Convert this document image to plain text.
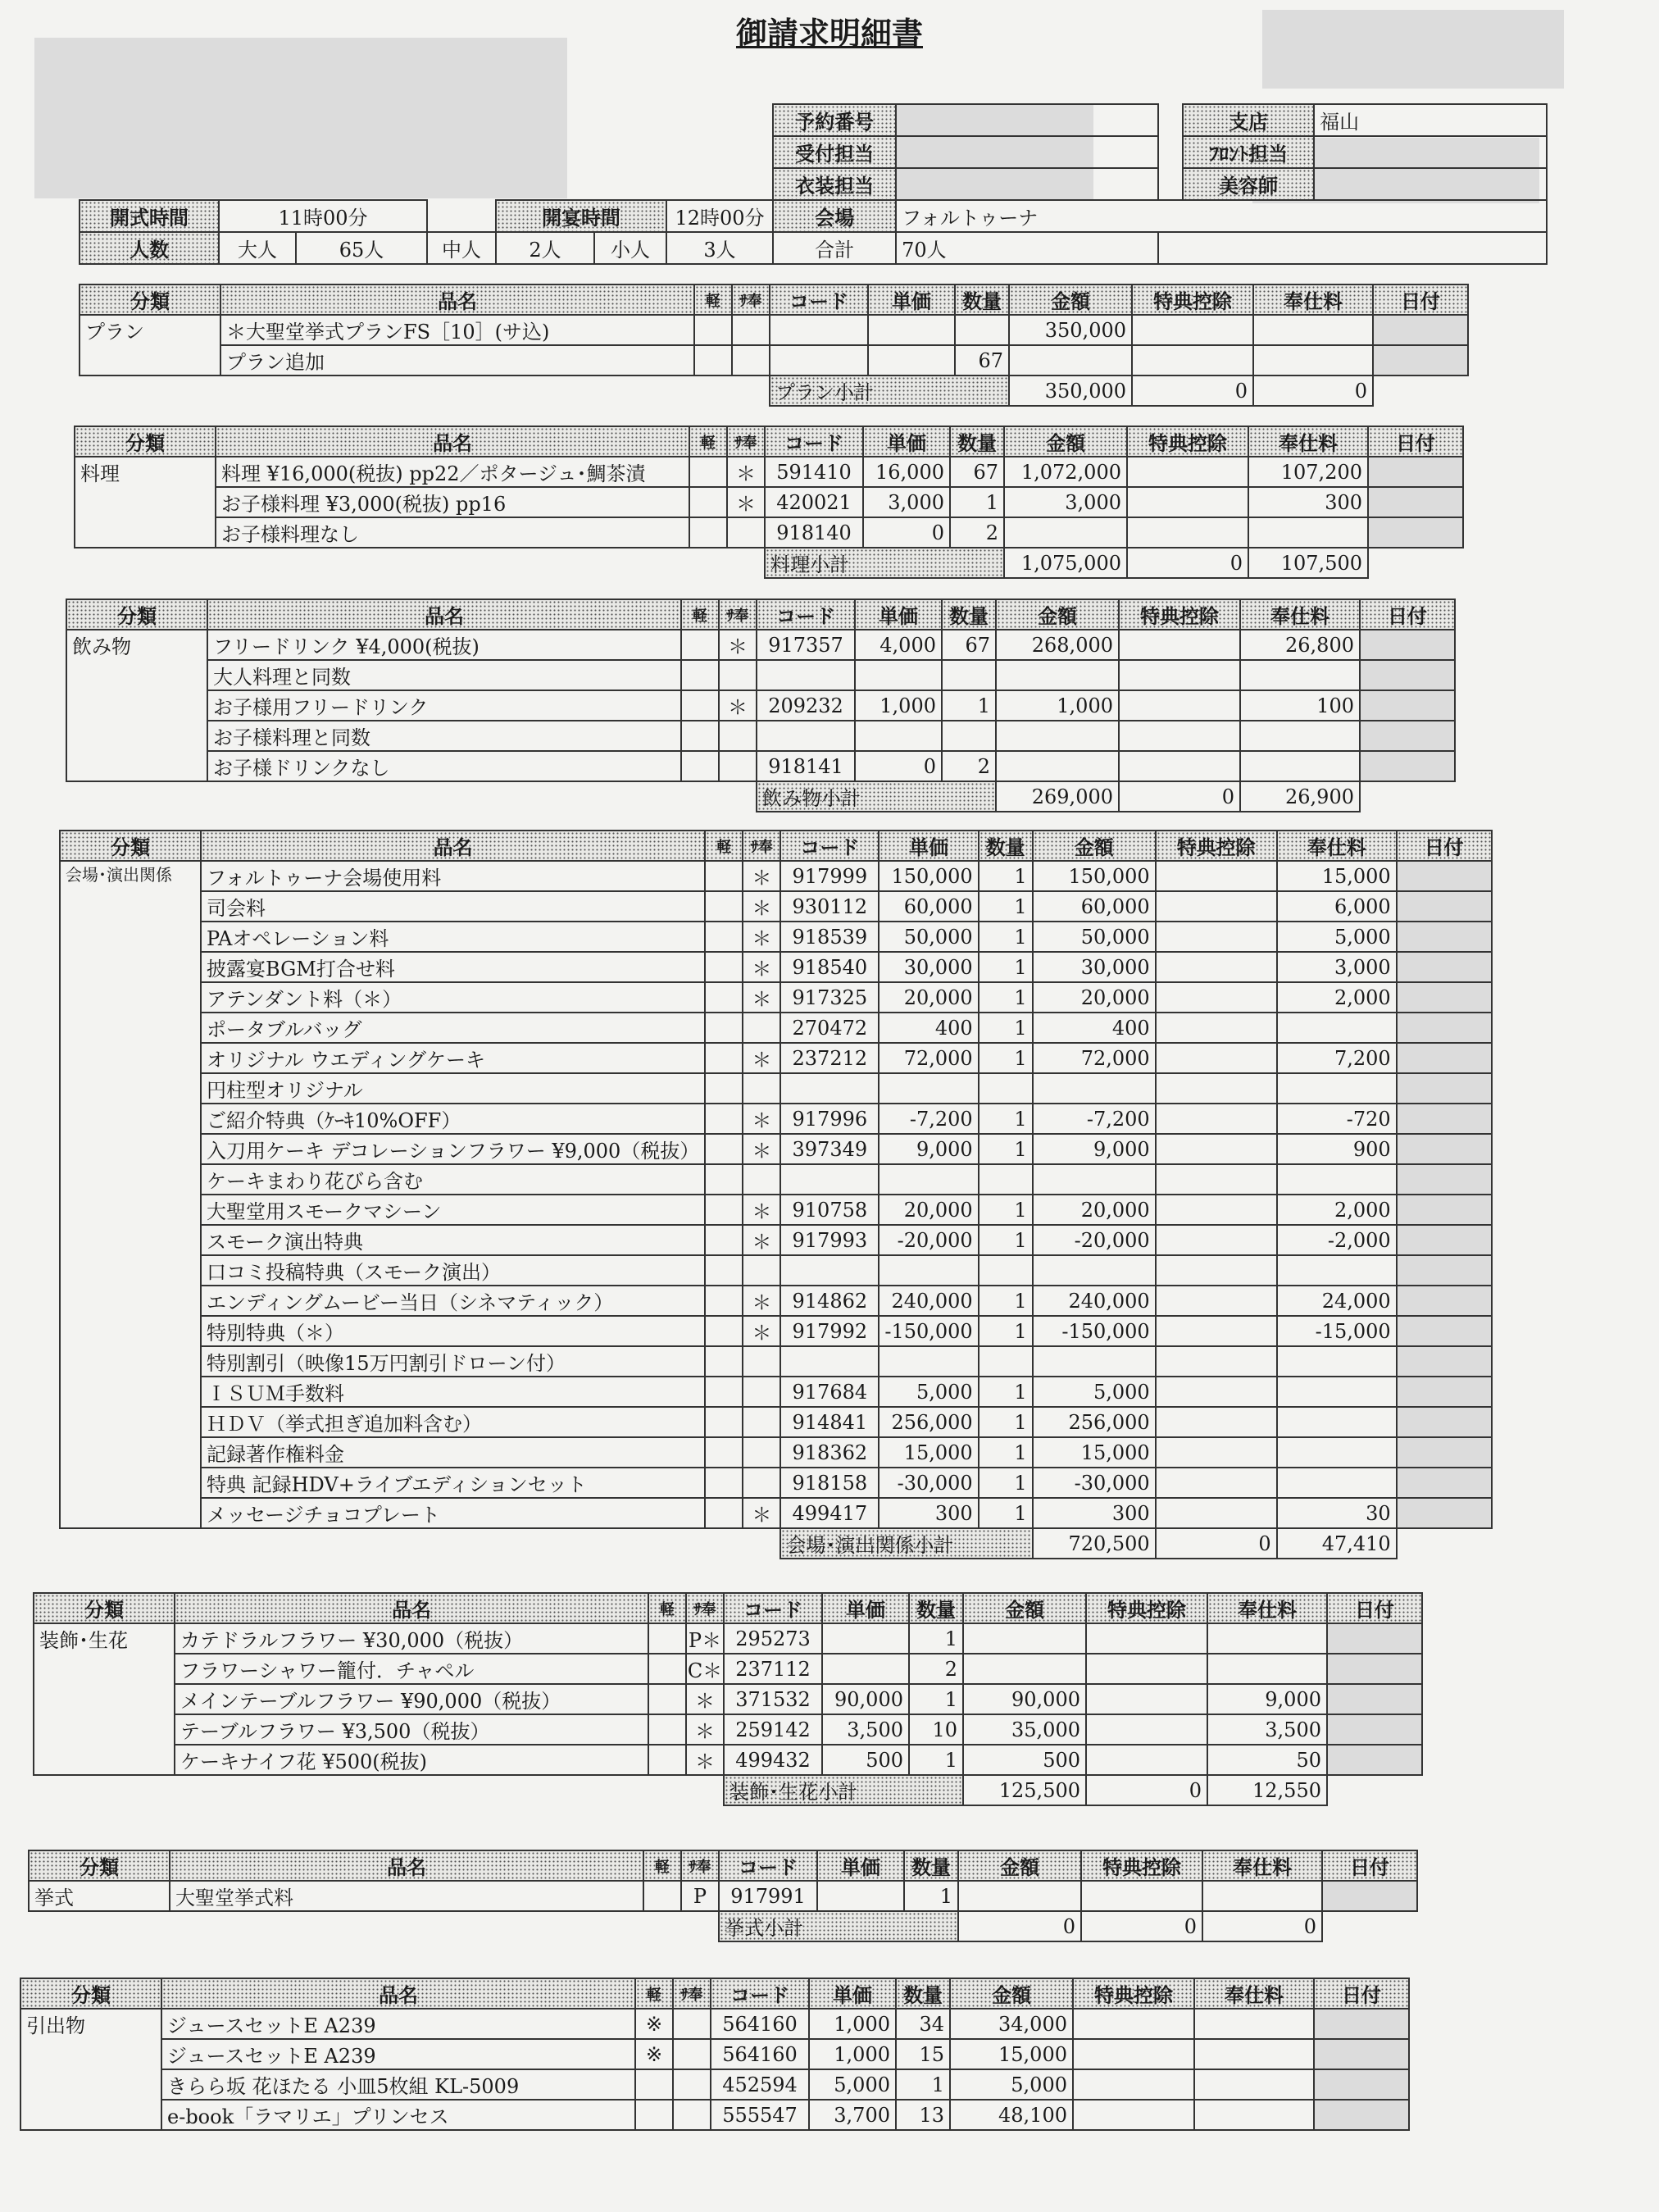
御請求明細書
							予約番号			支店	福山
							受付担当			ﾌﾛﾝﾄ担当	
							衣装担当			美容師	
開式時間	11時00分			開宴時間		12時00分	会場	フォルトゥーナ			
人数	大人	65人	中人	2人	小人	3人	合計	70人			
分類	品名	軽	ｻ奉	コード	単価	数量	金額	特典控除	奉仕料	日付
プラン	＊大聖堂挙式プランFS［10］(サ込)						350,000			
	プラン追加					67				
				プラン小計			350,000	0	0	
分類	品名	軽	ｻ奉	コード	単価	数量	金額	特典控除	奉仕料	日付
料理	料理 ¥16,000(税抜) pp22／ポタージュ･鯛茶漬		＊	591410	16,000	67	1,072,000		107,200	
	お子様料理 ¥3,000(税抜) pp16		＊	420021	3,000	1	3,000		300	
	お子様料理なし			918140	0	2				
				料理小計			1,075,000	0	107,500	
分類	品名	軽	ｻ奉	コード	単価	数量	金額	特典控除	奉仕料	日付
飲み物	フリードリンク ¥4,000(税抜)		＊	917357	4,000	67	268,000		26,800	
	大人料理と同数									
	お子様用フリードリンク		＊	209232	1,000	1	1,000		100	
	お子様料理と同数									
	お子様ドリンクなし			918141	0	2				
				飲み物小計			269,000	0	26,900	
分類	品名	軽	ｻ奉	コード	単価	数量	金額	特典控除	奉仕料	日付
会場･演出関係	フォルトゥーナ会場使用料		＊	917999	150,000	1	150,000		15,000	
	司会料		＊	930112	60,000	1	60,000		6,000	
	PAオペレーション料		＊	918539	50,000	1	50,000		5,000	
	披露宴BGM打合せ料		＊	918540	30,000	1	30,000		3,000	
	アテンダント料（＊）		＊	917325	20,000	1	20,000		2,000	
	ポータブルバッグ			270472	400	1	400			
	オリジナル ウエディングケーキ		＊	237212	72,000	1	72,000		7,200	
	円柱型オリジナル									
	ご紹介特典（ｹｰｷ10%OFF）		＊	917996	-7,200	1	-7,200		-720	
	入刀用ケーキ デコレーションフラワー ¥9,000（税抜）		＊	397349	9,000	1	9,000		900	
	ケーキまわり花びら含む									
	大聖堂用スモークマシーン		＊	910758	20,000	1	20,000		2,000	
	スモーク演出特典		＊	917993	-20,000	1	-20,000		-2,000	
	口コミ投稿特典（スモーク演出）									
	エンディングムービー当日（シネマティック）		＊	914862	240,000	1	240,000		24,000	
	特別特典（＊）		＊	917992	-150,000	1	-150,000		-15,000	
	特別割引（映像15万円割引ドローン付）									
	ＩＳＵＭ手数料			917684	5,000	1	5,000			
	ＨＤＶ（挙式担ぎ追加料含む）			914841	256,000	1	256,000			
	記録著作権料金			918362	15,000	1	15,000			
	特典 記録HDV+ライブエディションセット			918158	-30,000	1	-30,000			
	メッセージチョコプレート		＊	499417	300	1	300		30	
				会場･演出関係小計			720,500	0	47,410	
分類	品名	軽	ｻ奉	コード	単価	数量	金額	特典控除	奉仕料	日付
装飾･生花	カテドラルフラワー ¥30,000（税抜）		P＊	295273		1				
	フラワーシャワー籠付．チャペル		C＊	237112		2				
	メインテーブルフラワー ¥90,000（税抜）		＊	371532	90,000	1	90,000		9,000	
	テーブルフラワー ¥3,500（税抜）		＊	259142	3,500	10	35,000		3,500	
	ケーキナイフ花 ¥500(税抜)		＊	499432	500	1	500		50	
				装飾･生花小計			125,500	0	12,550	
分類	品名	軽	ｻ奉	コード	単価	数量	金額	特典控除	奉仕料	日付
挙式	大聖堂挙式料		P	917991		1				
				挙式小計			0	0	0	
分類	品名	軽	ｻ奉	コード	単価	数量	金額	特典控除	奉仕料	日付
引出物	ジュースセットE A239	※		564160	1,000	34	34,000			
	ジュースセットE A239	※		564160	1,000	15	15,000			
	きらら坂 花ほたる 小皿5枚組 KL-5009			452594	5,000	1	5,000			
	e-book「ラマリエ」プリンセス			555547	3,700	13	48,100			
